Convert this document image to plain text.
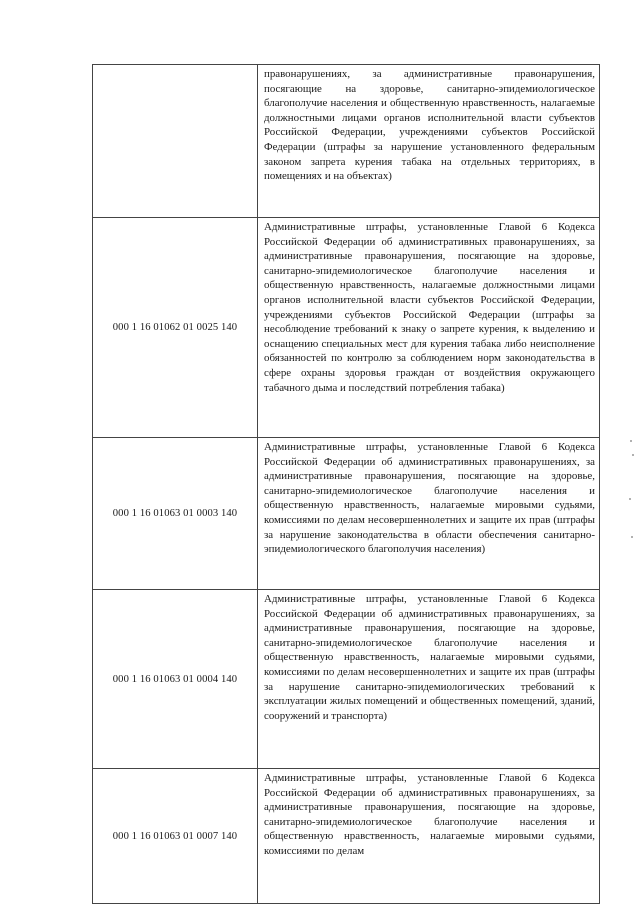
	правонарушениях, за административные правонарушения, посягающие на здоровье, санитарно-эпидемиологическое благополучие населения и общественную нравственность, налагаемые должностными лицами органов исполнительной власти субъектов Российской Федерации, учреждениями субъектов Российской Федерации (штрафы за нарушение установленного федеральным законом запрета курения табака на отдельных территориях, в помещениях и на объектах)
000 1 16 01062 01 0025 140	Административные штрафы, установленные Главой 6 Кодекса Российской Федерации об административных правонарушениях, за административные правонарушения, посягающие на здоровье, санитарно-эпидемиологическое благополучие населения и общественную нравственность, налагаемые должностными лицами органов исполнительной власти субъектов Российской Федерации, учреждениями субъектов Российской Федерации (штрафы за несоблюдение требований к знаку о запрете курения, к выделению и оснащению специальных мест для курения табака либо неисполнение обязанностей по контролю за соблюдением норм законодательства в сфере охраны здоровья граждан от воздействия окружающего табачного дыма и последствий потребления табака)
000 1 16 01063 01 0003 140	Административные штрафы, установленные Главой 6 Кодекса Российской Федерации об административных правонарушениях, за административные правонарушения, посягающие на здоровье, санитарно-эпидемиологическое благополучие населения и общественную нравственность, налагаемые мировыми судьями, комиссиями по делам несовершеннолетних и защите их прав (штрафы за нарушение законодательства в области обеспечения санитарно-эпидемиологического благополучия населения)
000 1 16 01063 01 0004 140	Административные штрафы, установленные Главой 6 Кодекса Российской Федерации об административных правонарушениях, за административные правонарушения, посягающие на здоровье, санитарно-эпидемиологическое благополучие населения и общественную нравственность, налагаемые мировыми судьями, комиссиями по делам несовершеннолетних и защите их прав (штрафы за нарушение санитарно-эпидемиологических требований к эксплуатации жилых помещений и общественных помещений, зданий, сооружений и транспорта)
000 1 16 01063 01 0007 140	Административные штрафы, установленные Главой 6 Кодекса Российской Федерации об административных правонарушениях, за административные правонарушения, посягающие на здоровье, санитарно-эпидемиологическое благополучие населения и общественную нравственность, налагаемые мировыми судьями, комиссиями по делам
